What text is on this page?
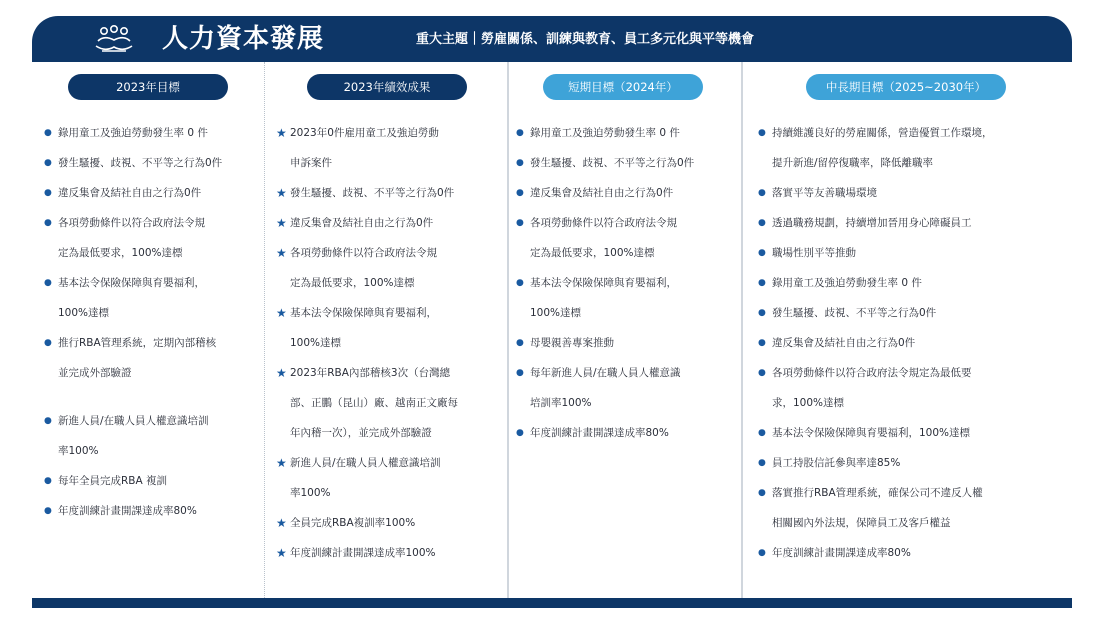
人力資本發展	重大主題｜勞雇關係、訓練與教育、員工多元化與平等機會
2023年目標	2023年績效成果	短期目標（2024年）	中長期目標（2025~2030年）
● 錄用童工及強迫勞動發生率 0 件
● 發生騷擾、歧視、不平等之行為0件
● 違反集會及結社自由之行為0件
● 各項勞動條件以符合政府法令規
定為最低要求，100%達標
● 基本法令保險保障與育嬰福利，
100%達標
● 推行RBA管理系統，定期內部稽核
並完成外部驗證
● 新進人員/在職人員人權意識培訓
率100%
● 每年全員完成RBA 複訓
● 年度訓練計畫開課達成率80%
★ 2023年0件雇用童工及強迫勞動
申訴案件
★ 發生騷擾、歧視、不平等之行為0件
★ 違反集會及結社自由之行為0件
★ 各項勞動條件以符合政府法令規
定為最低要求，100%達標
★ 基本法令保險保障與育嬰福利，
100%達標
★ 2023年RBA內部稽核3次（台灣總
部、正鵬（昆山）廠、越南正文廠每
年內稽一次），並完成外部驗證
★ 新進人員/在職人員人權意識培訓
率100%
★ 全員完成RBA複訓率100%
★ 年度訓練計畫開課達成率100%
● 錄用童工及強迫勞動發生率 0 件
● 發生騷擾、歧視、不平等之行為0件
● 違反集會及結社自由之行為0件
● 各項勞動條件以符合政府法令規
定為最低要求，100%達標
● 基本法令保險保障與育嬰福利，
100%達標
● 母嬰親善專案推動
● 每年新進人員/在職人員人權意識
培訓率100%
● 年度訓練計畫開課達成率80%
● 持續維護良好的勞雇關係，營造優質工作環境，
提升新進/留停復職率，降低離職率
● 落實平等友善職場環境
● 透過職務規劃，持續增加晉用身心障礙員工
● 職場性別平等推動
● 錄用童工及強迫勞動發生率 0 件
● 發生騷擾、歧視、不平等之行為0件
● 違反集會及結社自由之行為0件
● 各項勞動條件以符合政府法令規定為最低要
求，100%達標
● 基本法令保險保障與育嬰福利，100%達標
● 員工持股信託參與率達85%
● 落實推行RBA管理系統，確保公司不違反人權
相關國內外法規，保障員工及客戶權益
● 年度訓練計畫開課達成率80%
